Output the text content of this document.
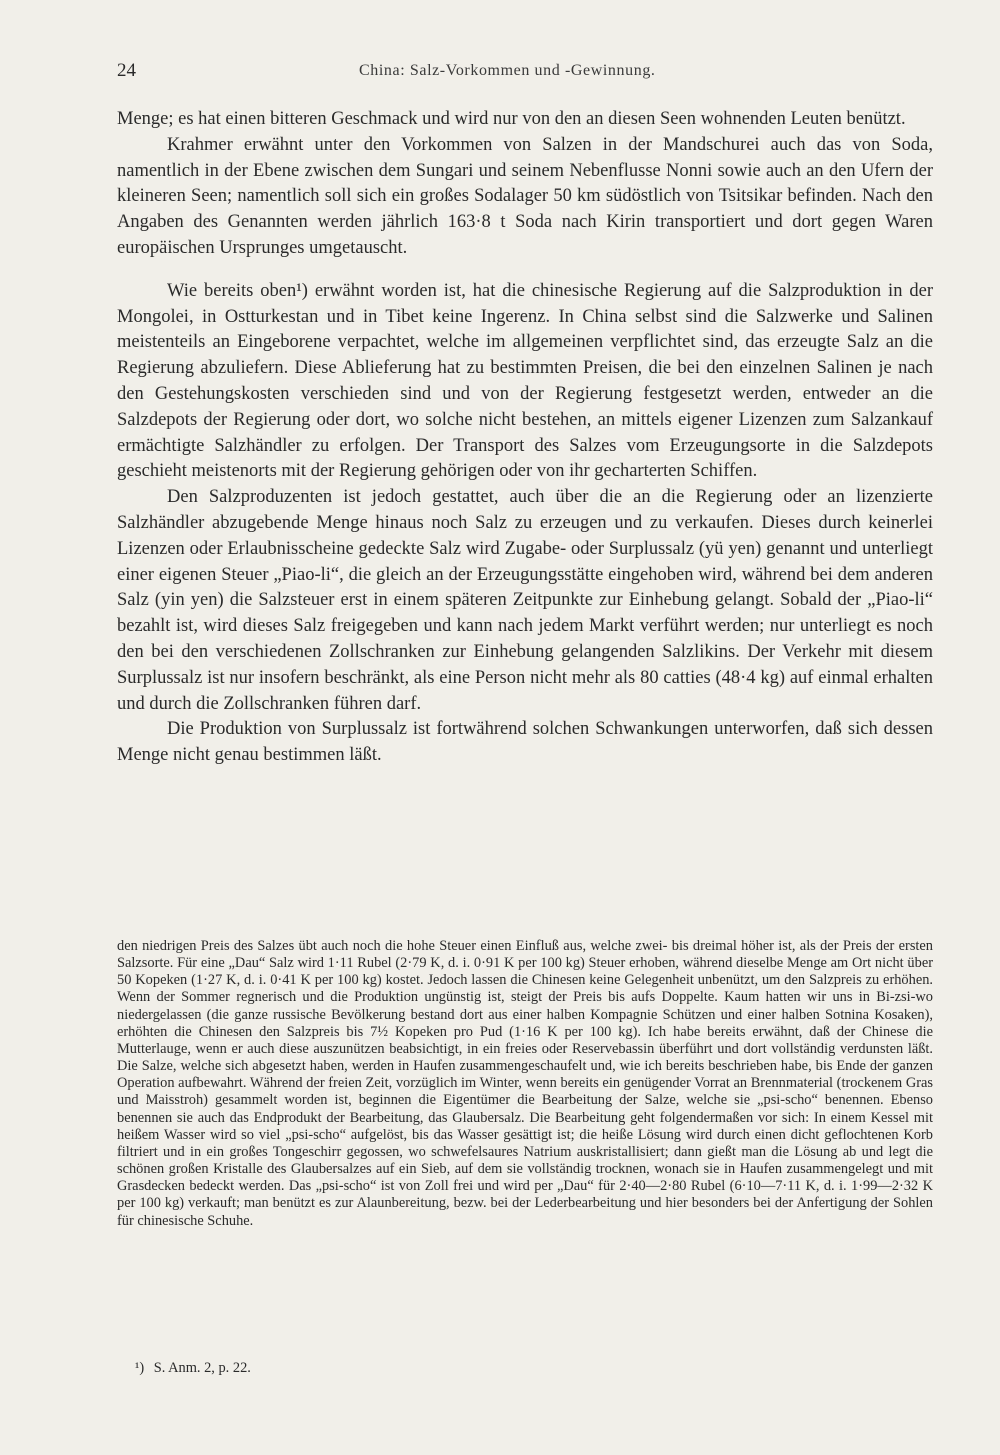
24	China: Salz-Vorkommen und -Gewinnung.

Menge; es hat einen bitteren Geschmack und wird nur von den an diesen Seen wohnenden Leuten benützt.

Krahmer erwähnt unter den Vorkommen von Salzen in der Mandschurei auch das von Soda, namentlich in der Ebene zwischen dem Sungari und seinem Nebenflusse Nonni sowie auch an den Ufern der kleineren Seen; namentlich soll sich ein großes Sodalager 50 km südöstlich von Tsitsikar befinden. Nach den Angaben des Genannten werden jährlich 163·8 t Soda nach Kirin transportiert und dort gegen Waren europäischen Ursprunges umgetauscht.

Wie bereits oben¹) erwähnt worden ist, hat die chinesische Regierung auf die Salzproduktion in der Mongolei, in Ostturkestan und in Tibet keine Ingerenz. In China selbst sind die Salzwerke und Salinen meistenteils an Eingeborene verpachtet, welche im allgemeinen verpflichtet sind, das erzeugte Salz an die Regierung abzuliefern. Diese Ablieferung hat zu bestimmten Preisen, die bei den einzelnen Salinen je nach den Gestehungskosten verschieden sind und von der Regierung festgesetzt werden, entweder an die Salzdepots der Regierung oder dort, wo solche nicht bestehen, an mittels eigener Lizenzen zum Salzankauf ermächtigte Salzhändler zu erfolgen. Der Transport des Salzes vom Erzeugungsorte in die Salzdepots geschieht meistenorts mit der Regierung gehörigen oder von ihr gecharterten Schiffen.

Den Salzproduzenten ist jedoch gestattet, auch über die an die Regierung oder an lizenzierte Salzhändler abzugebende Menge hinaus noch Salz zu erzeugen und zu verkaufen. Dieses durch keinerlei Lizenzen oder Erlaubnisscheine gedeckte Salz wird Zugabe- oder Surplussalz (yü yen) genannt und unterliegt einer eigenen Steuer „Piao-li“, die gleich an der Erzeugungsstätte eingehoben wird, während bei dem anderen Salz (yin yen) die Salzsteuer erst in einem späteren Zeitpunkte zur Einhebung gelangt. Sobald der „Piao-li“ bezahlt ist, wird dieses Salz freigegeben und kann nach jedem Markt verführt werden; nur unterliegt es noch den bei den verschiedenen Zollschranken zur Einhebung gelangenden Salzlikins. Der Verkehr mit diesem Surplussalz ist nur insofern beschränkt, als eine Person nicht mehr als 80 catties (48·4 kg) auf einmal erhalten und durch die Zollschranken führen darf.

Die Produktion von Surplussalz ist fortwährend solchen Schwankungen unterworfen, daß sich dessen Menge nicht genau bestimmen läßt.

den niedrigen Preis des Salzes übt auch noch die hohe Steuer einen Einfluß aus, welche zwei- bis dreimal höher ist, als der Preis der ersten Salzsorte. Für eine „Dau“ Salz wird 1·11 Rubel (2·79 K, d. i. 0·91 K per 100 kg) Steuer erhoben, während dieselbe Menge am Ort nicht über 50 Kopeken (1·27 K, d. i. 0·41 K per 100 kg) kostet. Jedoch lassen die Chinesen keine Gelegenheit unbenützt, um den Salzpreis zu erhöhen. Wenn der Sommer regnerisch und die Produktion ungünstig ist, steigt der Preis bis aufs Doppelte. Kaum hatten wir uns in Bi-zsi-wo niedergelassen (die ganze russische Bevölkerung bestand dort aus einer halben Kompagnie Schützen und einer halben Sotnina Kosaken), erhöhten die Chinesen den Salzpreis bis 7½ Kopeken pro Pud (1·16 K per 100 kg). Ich habe bereits erwähnt, daß der Chinese die Mutterlauge, wenn er auch diese auszunützen beabsichtigt, in ein freies oder Reservebassin überführt und dort vollständig verdunsten läßt. Die Salze, welche sich abgesetzt haben, werden in Haufen zusammengeschaufelt und, wie ich bereits beschrieben habe, bis Ende der ganzen Operation aufbewahrt. Während der freien Zeit, vorzüglich im Winter, wenn bereits ein genügender Vorrat an Brennmaterial (trockenem Gras und Maisstroh) gesammelt worden ist, beginnen die Eigentümer die Bearbeitung der Salze, welche sie „psi-scho“ benennen. Ebenso benennen sie auch das Endprodukt der Bearbeitung, das Glaubersalz. Die Bearbeitung geht folgendermaßen vor sich: In einem Kessel mit heißem Wasser wird so viel „psi-scho“ aufgelöst, bis das Wasser gesättigt ist; die heiße Lösung wird durch einen dicht geflochtenen Korb filtriert und in ein großes Tongeschirr gegossen, wo schwefelsaures Natrium auskristallisiert; dann gießt man die Lösung ab und legt die schönen großen Kristalle des Glaubersalzes auf ein Sieb, auf dem sie vollständig trocknen, wonach sie in Haufen zusammengelegt und mit Grasdecken bedeckt werden. Das „psi-scho“ ist von Zoll frei und wird per „Dau“ für 2·40—2·80 Rubel (6·10—7·11 K, d. i. 1·99—2·32 K per 100 kg) verkauft; man benützt es zur Alaunbereitung, bezw. bei der Lederbearbeitung und hier besonders bei der Anfertigung der Sohlen für chinesische Schuhe.

¹) S. Anm. 2, p. 22.
